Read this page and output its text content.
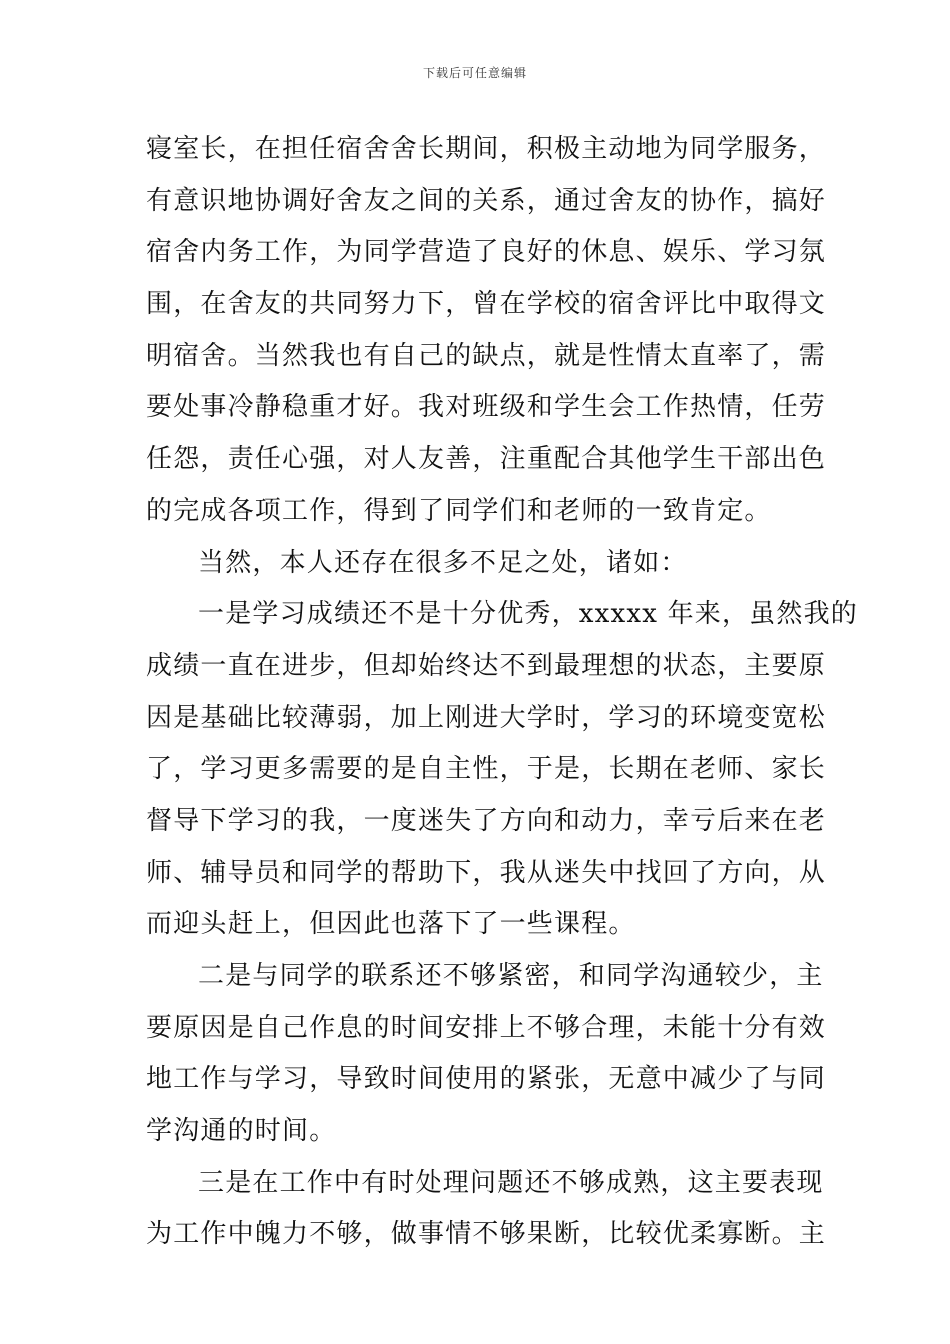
下载后可任意编辑
寝室长，在担任宿舍舍长期间，积极主动地为同学服务，
有意识地协调好舍友之间的关系，通过舍友的协作，搞好
宿舍内务工作，为同学营造了良好的休息、娱乐、学习氛
围，在舍友的共同努力下，曾在学校的宿舍评比中取得文
明宿舍。当然我也有自己的缺点，就是性情太直率了，需
要处事冷静稳重才好。我对班级和学生会工作热情，任劳
任怨，责任心强，对人友善，注重配合其他学生干部出色
的完成各项工作，得到了同学们和老师的一致肯定。
当然，本人还存在很多不足之处，诸如：
一是学习成绩还不是十分优秀，xxxxx 年来，虽然我的
成绩一直在进步，但却始终达不到最理想的状态，主要原
因是基础比较薄弱，加上刚进大学时，学习的环境变宽松
了，学习更多需要的是自主性，于是，长期在老师、家长
督导下学习的我，一度迷失了方向和动力，幸亏后来在老
师、辅导员和同学的帮助下，我从迷失中找回了方向，从
而迎头赶上，但因此也落下了一些课程。
二是与同学的联系还不够紧密，和同学沟通较少，主
要原因是自己作息的时间安排上不够合理，未能十分有效
地工作与学习，导致时间使用的紧张，无意中减少了与同
学沟通的时间。
三是在工作中有时处理问题还不够成熟，这主要表现
为工作中魄力不够，做事情不够果断，比较优柔寡断。主
